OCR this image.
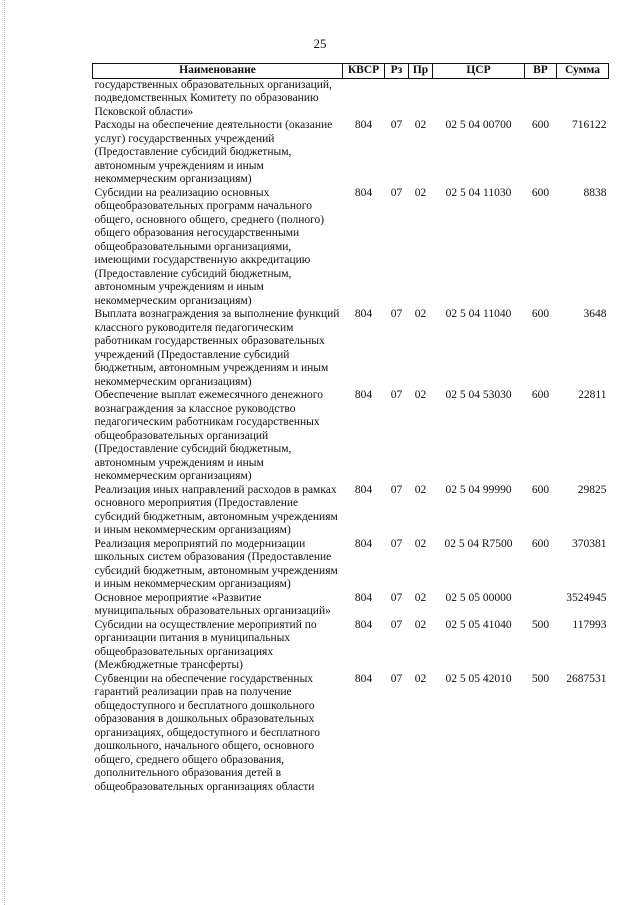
25
Наименование	КВСР	Рз	Пр	ЦСР	ВР	Сумма
государственных образовательных организаций, подведомственных Комитету по образованию Псковской области»						
Расходы на обеспечение деятельности (оказание услуг) государственных учреждений (Предоставление субсидий бюджетным, автономным учреждениям и иным некоммерческим организациям)	804	07	02	02 5 04 00700	600	716122
Субсидии на реализацию основных общеобразовательных программ начального общего, основного общего, среднего (полного) общего образования негосударственными общеобразовательными организациями, имеющими государственную аккредитацию (Предоставление субсидий бюджетным, автономным учреждениям и иным некоммерческим организациям)	804	07	02	02 5 04 11030	600	8838
Выплата вознаграждения за выполнение функций классного руководителя педагогическим работникам государственных образовательных учреждений (Предоставление субсидий бюджетным, автономным учреждениям и иным некоммерческим организациям)	804	07	02	02 5 04 11040	600	3648
Обеспечение выплат ежемесячного денежного вознаграждения за классное руководство педагогическим работникам государственных общеобразовательных организаций (Предоставление субсидий бюджетным, автономным учреждениям и иным некоммерческим организациям)	804	07	02	02 5 04 53030	600	22811
Реализация иных направлений расходов в рамках основного мероприятия (Предоставление субсидий бюджетным, автономным учреждениям и иным некоммерческим организациям)	804	07	02	02 5 04 99990	600	29825
Реализация мероприятий по модернизации школьных систем образования (Предоставление субсидий бюджетным, автономным учреждениям и иным некоммерческим организациям)	804	07	02	02 5 04 R7500	600	370381
Основное мероприятие «Развитие муниципальных образовательных организаций»	804	07	02	02 5 05 00000		3524945
Субсидии на осуществление мероприятий по организации питания в муниципальных общеобразовательных организациях (Межбюджетные трансферты)	804	07	02	02 5 05 41040	500	117993
Субвенции на обеспечение государственных гарантий реализации прав на получение общедоступного и бесплатного дошкольного образования в дошкольных образовательных организациях, общедоступного и бесплатного дошкольного, начального общего, основного общего, среднего общего образования, дополнительного образования детей в общеобразовательных организациях области	804	07	02	02 5 05 42010	500	2687531
